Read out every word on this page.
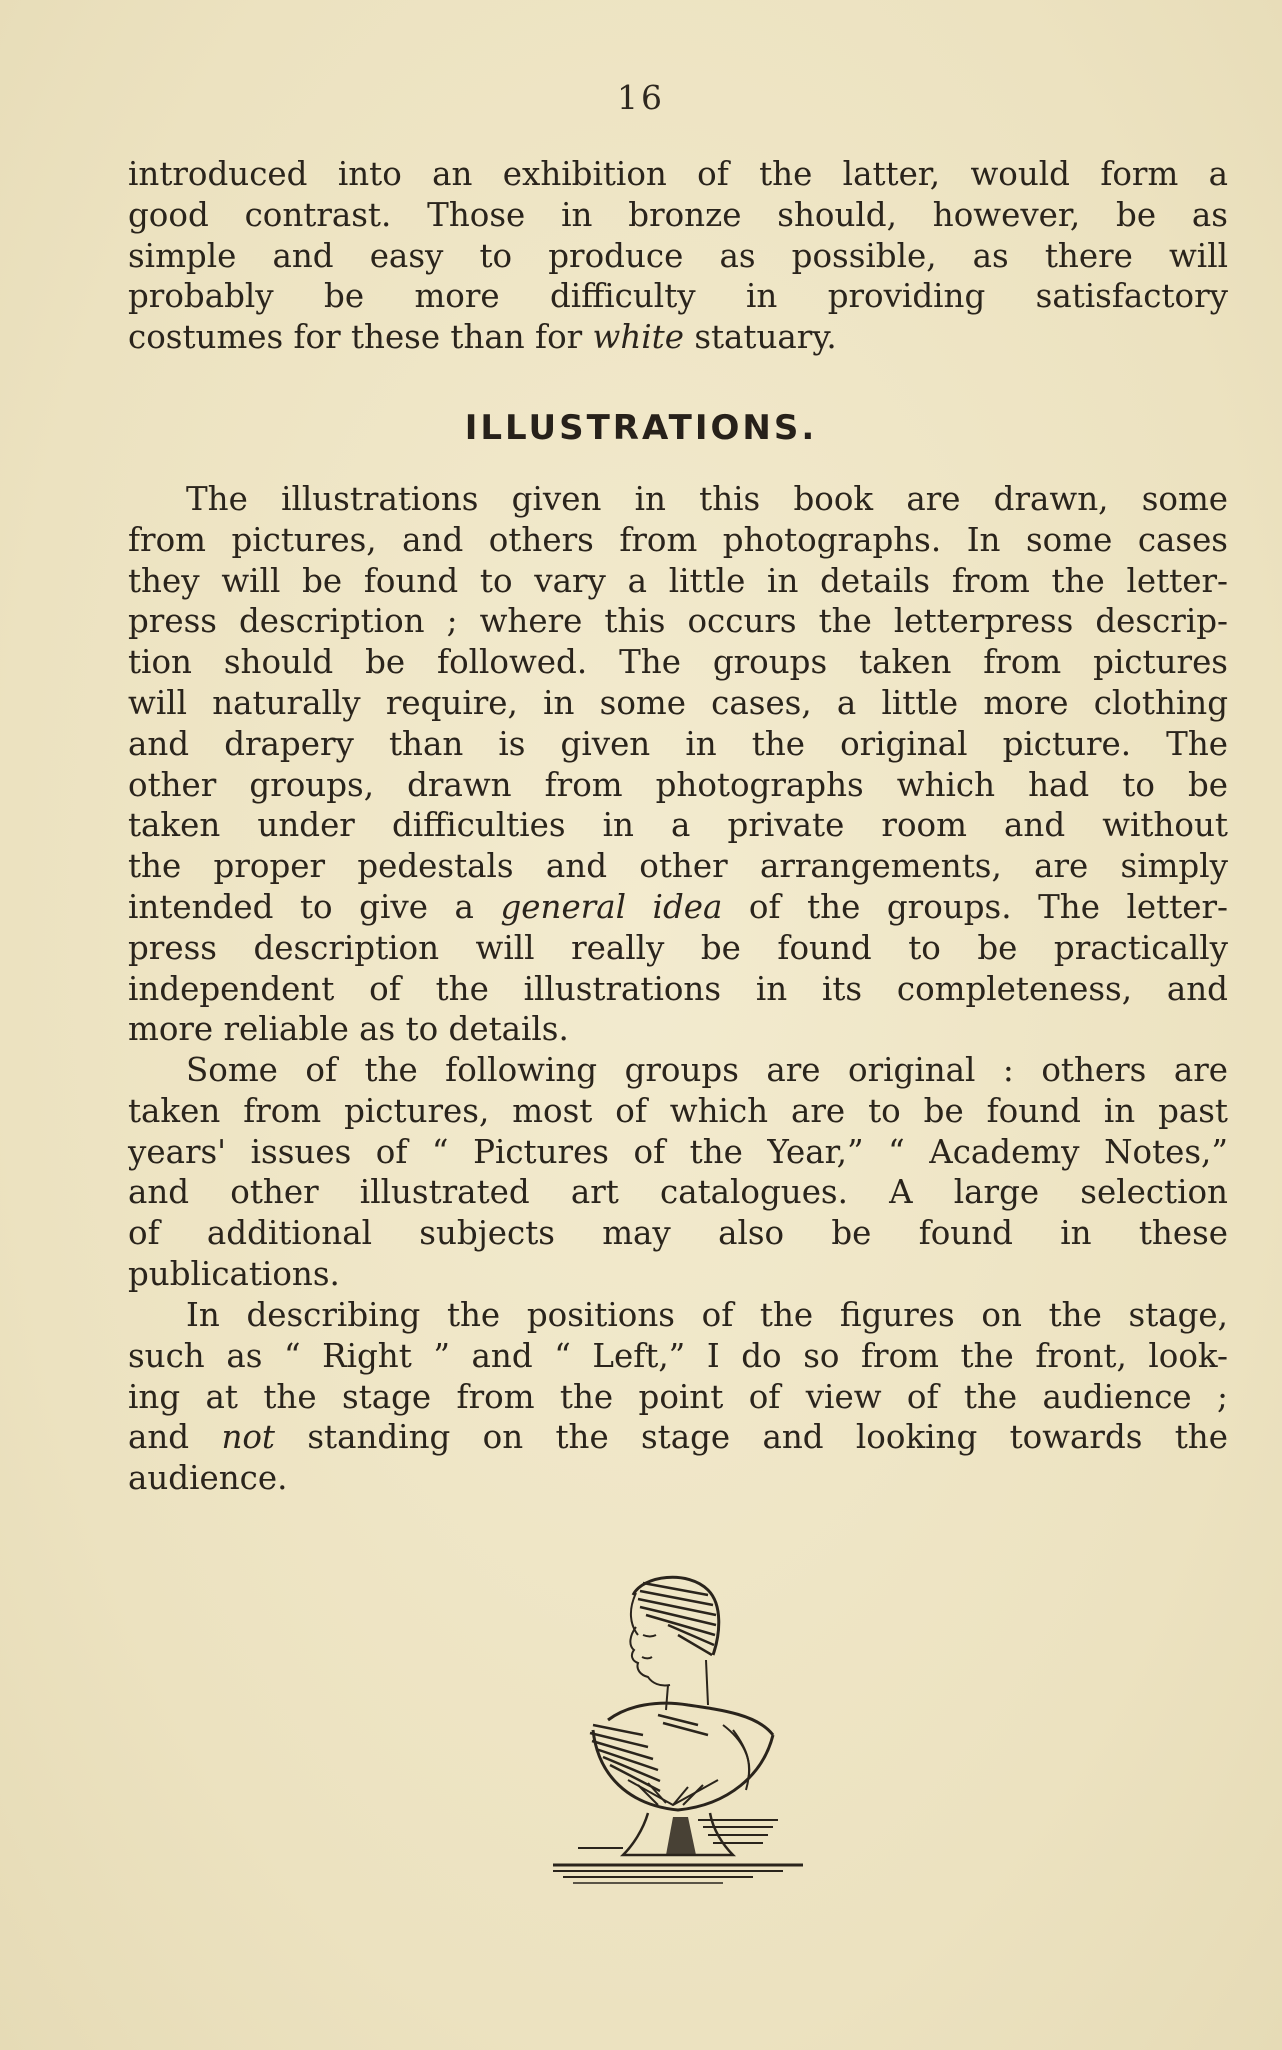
16
introduced into an exhibition of the latter, would form a
good contrast. Those in bronze should, however, be as
simple and easy to produce as possible, as there will
probably be more difficulty in providing satisfactory
costumes for these than for white statuary.
ILLUSTRATIONS.
The illustrations given in this book are drawn, some
from pictures, and others from photographs. In some cases
they will be found to vary a little in details from the letter-
press description ; where this occurs the letterpress descrip-
tion should be followed. The groups taken from pictures
will naturally require, in some cases, a little more clothing
and drapery than is given in the original picture. The
other groups, drawn from photographs which had to be
taken under difficulties in a private room and without
the proper pedestals and other arrangements, are simply
intended to give a general idea of the groups. The letter-
press description will really be found to be practically
independent of the illustrations in its completeness, and
more reliable as to details.
Some of the following groups are original : others are
taken from pictures, most of which are to be found in past
years' issues of “ Pictures of the Year,” “ Academy Notes,”
and other illustrated art catalogues. A large selection
of additional subjects may also be found in these
publications.
In describing the positions of the figures on the stage,
such as “ Right ” and “ Left,” I do so from the front, look-
ing at the stage from the point of view of the audience ;
and not standing on the stage and looking towards the
audience.
